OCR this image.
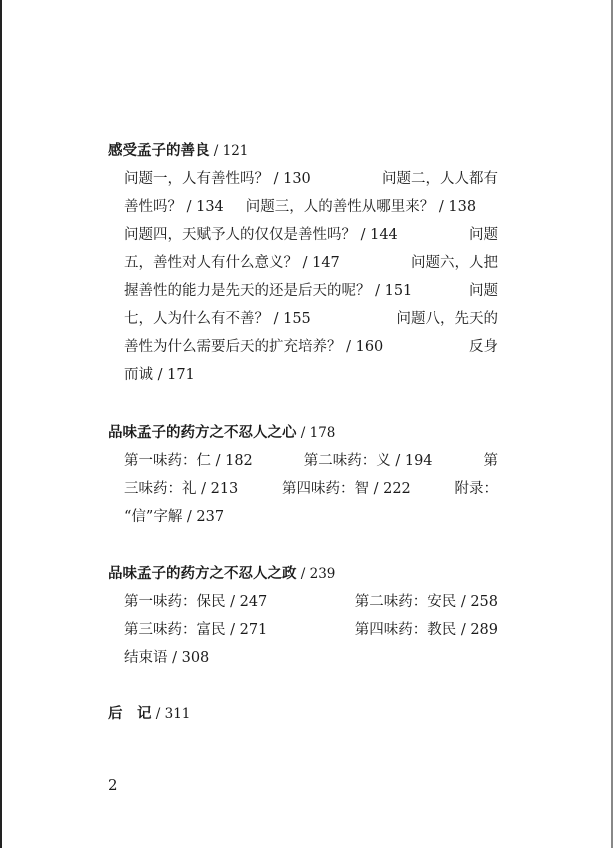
感受孟子的善良 / 121
问题一，人有善性吗？ / 130	问题二，人人都有
善性吗？ / 134 问题三，人的善性从哪里来？ / 138
问题四，天赋予人的仅仅是善性吗？ / 144	问题
五，善性对人有什么意义？ / 147	问题六，人把
握善性的能力是先天的还是后天的呢？ / 151	问题
七，人为什么有不善？ / 155	问题八，先天的
善性为什么需要后天的扩充培养？ / 160	反身
而诚 / 171
品味孟子的药方之不忍人之心 / 178
第一味药：仁 / 182	第二味药：义 / 194	第
三味药：礼 / 213	第四味药：智 / 222	附录：
“信”字解 / 237
品味孟子的药方之不忍人之政 / 239
第一味药：保民 / 247	第二味药：安民 / 258
第三味药：富民 / 271	第四味药：教民 / 289
结束语 / 308
后　记 / 311
2
